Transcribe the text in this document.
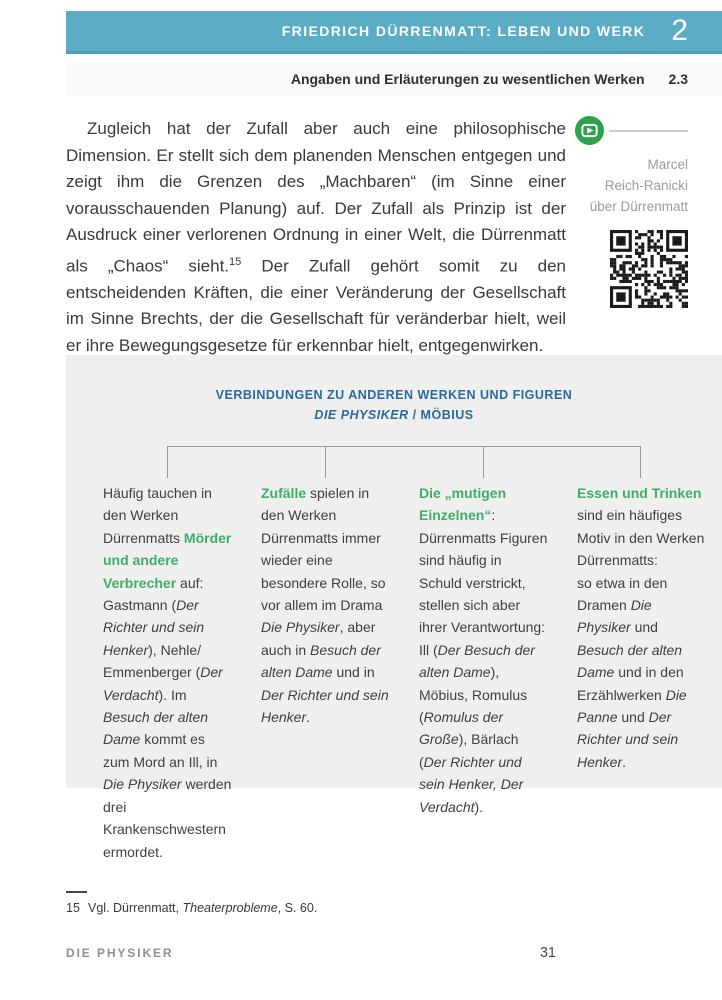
FRIEDRICH DÜRRENMATT: LEBEN UND WERK 2
Angaben und Erläuterungen zu wesentlichen Werken 2.3

Zugleich hat der Zufall aber auch eine philosophische Dimension. Er stellt sich dem planenden Menschen entgegen und zeigt ihm die Grenzen des „Machbaren“ (im Sinne einer vorausschauenden Planung) auf. Der Zufall als Prinzip ist der Ausdruck einer verlorenen Ordnung in einer Welt, die Dürrenmatt als „Chaos“ sieht.$^{15}$ Der Zufall gehört somit zu den entscheidenden Kräften, die einer Veränderung der Gesellschaft im Sinne Brechts, der die Gesellschaft für veränderbar hielt, weil er ihre Bewegungsgesetze für erkennbar hielt, entgegenwirken.

Marcel
Reich-Ranicki
über Dürrenmatt
VERBINDUNGEN ZU ANDEREN WERKEN UND FIGUREN
DIE PHYSIKER / MÖBIUS
Häufig tauchen in den Werken Dürrenmatts Mörder und andere Verbrecher auf: Gastmann (Der Richter und sein Henker), Nehle/ Emmenberger (Der Verdacht). Im Besuch der alten Dame kommt es zum Mord an Ill, in Die Physiker werden drei Krankenschwestern ermordet.
Zufälle spielen in den Werken Dürrenmatts immer wieder eine besondere Rolle, so vor allem im Drama Die Physiker, aber auch in Besuch der alten Dame und in Der Richter und sein Henker.
Die „mutigen Einzelnen“:
Dürrenmatts Figuren sind häufig in Schuld verstrickt, stellen sich aber ihrer Verantwortung: Ill (Der Besuch der alten Dame), Möbius, Romulus (Romulus der Große), Bärlach (Der Richter und sein Henker, Der Verdacht).
Essen und Trinken sind ein häufiges Motiv in den Werken Dürrenmatts:
so etwa in den Dramen Die Physiker und Besuch der alten Dame und in den Erzählwerken Die Panne und Der Richter und sein Henker.
15 Vgl. Dürrenmatt, Theaterprobleme, S. 60.
DIE PHYSIKER	31
